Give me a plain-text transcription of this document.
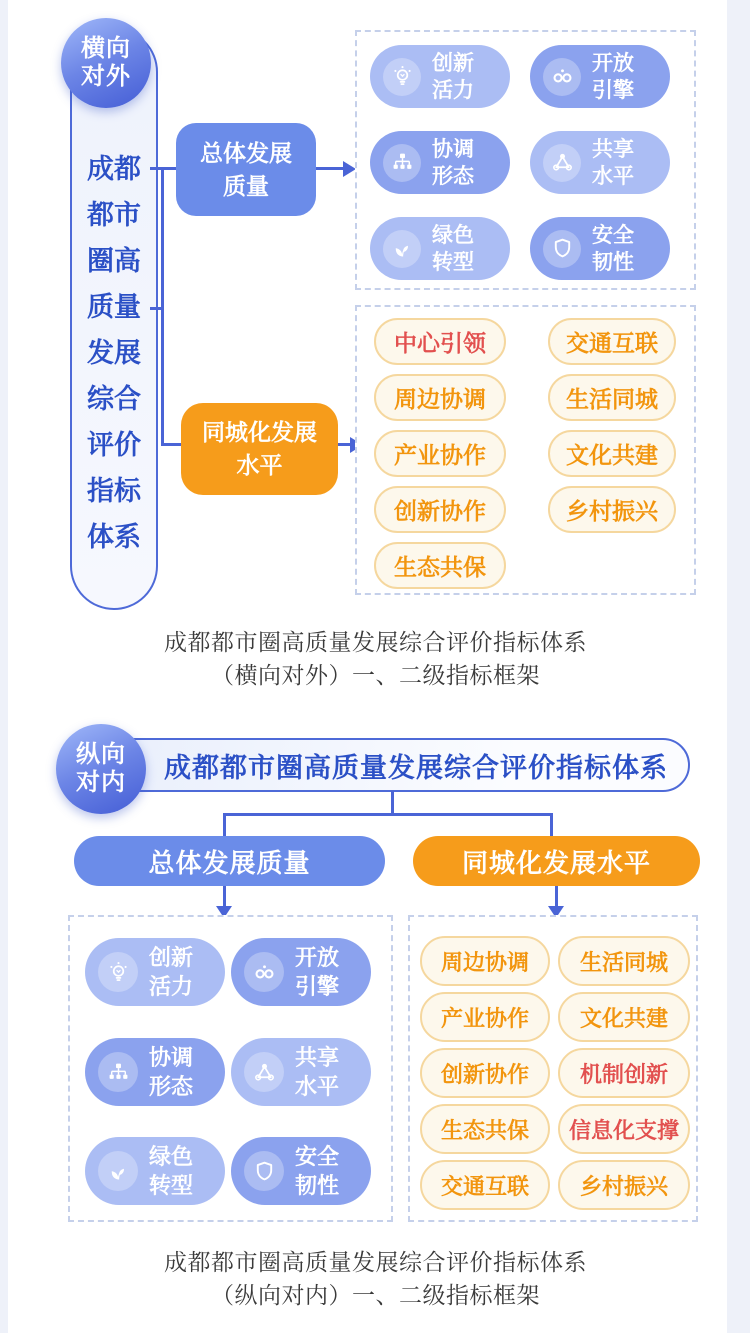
成都都市圈高质量发展综合评价指标体系
横向
对外
总体发展
质量
创新
活力
开放
引擎
协调
形态
共享
水平
绿色
转型
安全
韧性
同城化发展
水平
中心引领
周边协调
产业协作
创新协作
生态共保
交通互联
生活同城
文化共建
乡村振兴
成都都市圈高质量发展综合评价指标体系
（横向对外）一、二级指标框架
成都都市圈高质量发展综合评价指标体系
纵向
对内
总体发展质量	同城化发展水平
创新
活力
开放
引擎
协调
形态
共享
水平
绿色
转型
安全
韧性
周边协调
产业协作
创新协作
生态共保
交通互联
生活同城
文化共建
机制创新
信息化支撑
乡村振兴
成都都市圈高质量发展综合评价指标体系
（纵向对内）一、二级指标框架
